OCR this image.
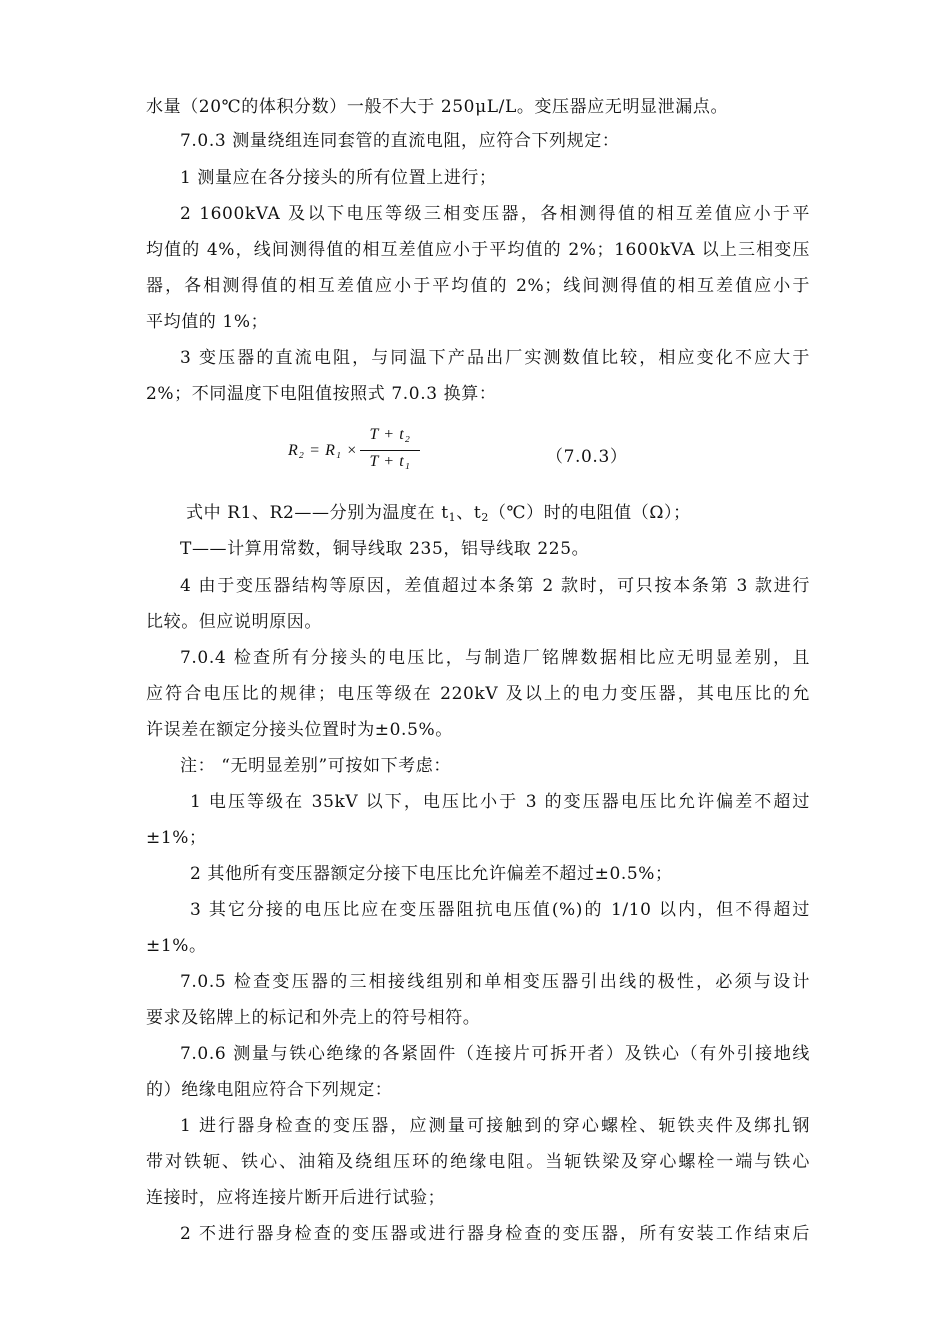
水量（20℃的体积分数）一般不大于 250μL/L。变压器应无明显泄漏点。
7.0.3 测量绕组连同套管的直流电阻，应符合下列规定：
1 测量应在各分接头的所有位置上进行；
2 1600kVA 及以下电压等级三相变压器，各相测得值的相互差值应小于平
均值的 4%，线间测得值的相互差值应小于平均值的 2%；1600kVA 以上三相变压
器，各相测得值的相互差值应小于平均值的 2%；线间测得值的相互差值应小于
平均值的 1%；
3 变压器的直流电阻，与同温下产品出厂实测数值比较，相应变化不应大于
2%；不同温度下电阻值按照式 7.0.3 换算：
R₂ = R₁ ×
T + t₂
T + t₁	（7.0.3）
式中 R1、R2——分别为温度在 $t_1$、$t_2(℃)$时的电阻值（Ω）；
T——计算用常数，铜导线取 235，铝导线取 225。
4 由于变压器结构等原因，差值超过本条第 2 款时，可只按本条第 3 款进行
比较。但应说明原因。
7.0.4 检查所有分接头的电压比，与制造厂铭牌数据相比应无明显差别，且
应符合电压比的规律；电压等级在 220kV 及以上的电力变压器，其电压比的允
许误差在额定分接头位置时为±0.5%。
注： “无明显差别”可按如下考虑：
1 电压等级在 35kV 以下，电压比小于 3 的变压器电压比允许偏差不超过
±1%；
2 其他所有变压器额定分接下电压比允许偏差不超过±0.5%；
3 其它分接的电压比应在变压器阻抗电压值(%)的 1/10 以内，但不得超过
±1%。
7.0.5 检查变压器的三相接线组别和单相变压器引出线的极性，必须与设计
要求及铭牌上的标记和外壳上的符号相符。
7.0.6 测量与铁心绝缘的各紧固件（连接片可拆开者）及铁心（有外引接地线
的）绝缘电阻应符合下列规定：
1 进行器身检查的变压器，应测量可接触到的穿心螺栓、轭铁夹件及绑扎钢
带对铁轭、铁心、油箱及绕组压环的绝缘电阻。当轭铁梁及穿心螺栓一端与铁心
连接时，应将连接片断开后进行试验；
2 不进行器身检查的变压器或进行器身检查的变压器，所有安装工作结束后
